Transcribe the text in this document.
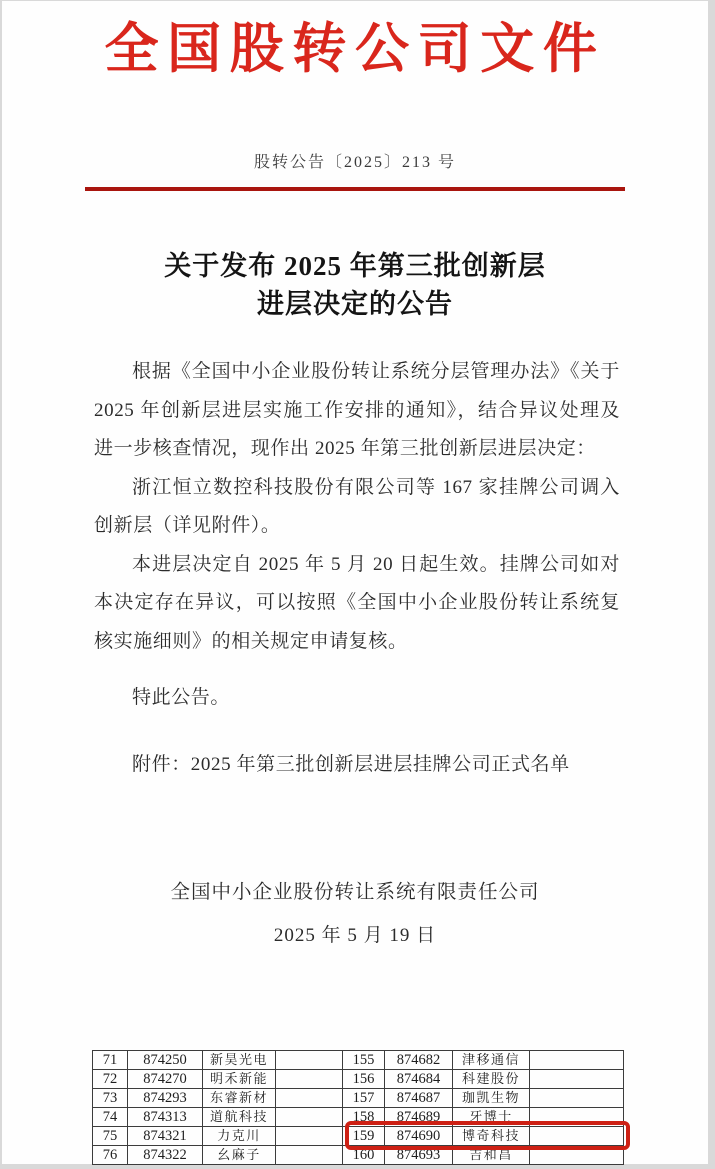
全国股转公司文件
股转公告〔2025〕213 号
关于发布 2025 年第三批创新层
进层决定的公告

根据《全国中小企业股份转让系统分层管理办法》《关于 2025 年创新层进层实施工作安排的通知》，结合异议处理及进一步核查情况，现作出 2025 年第三批创新层进层决定：

浙江恒立数控科技股份有限公司等 167 家挂牌公司调入创新层（详见附件）。

本进层决定自 2025 年 5 月 20 日起生效。挂牌公司如对本决定存在异议，可以按照《全国中小企业股份转让系统复核实施细则》的相关规定申请复核。

特此公告。

附件：2025 年第三批创新层进层挂牌公司正式名单

全国中小企业股份转让系统有限责任公司
2025 年 5 月 19 日
71	874250	新昊光电		155	874682	津移通信	
72	874270	明禾新能		156	874684	科建股份	
73	874293	东睿新材		157	874687	珈凯生物	
74	874313	道航科技		158	874689	牙博士	
75	874321	力克川		159	874690	博奇科技	
76	874322	幺麻子		160	874693	吉和昌	
